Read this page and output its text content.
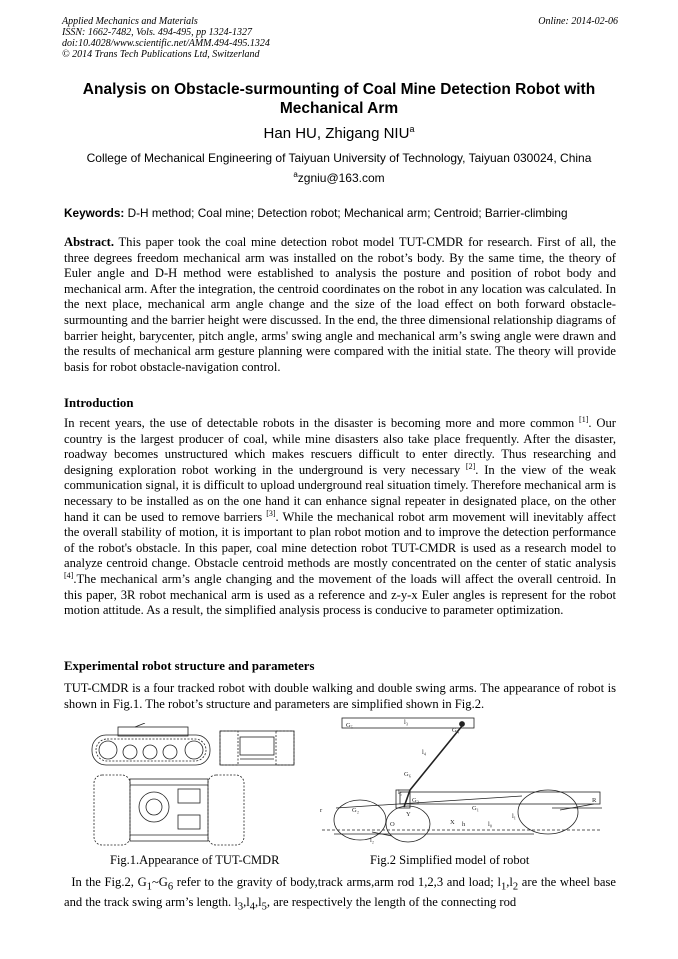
Applied Mechanics and Materials
ISSN: 1662-7482, Vols. 494-495, pp 1324-1327
doi:10.4028/www.scientific.net/AMM.494-495.1324
© 2014 Trans Tech Publications Ltd, Switzerland
Online: 2014-02-06
Analysis on Obstacle-surmounting of Coal Mine Detection Robot with Mechanical Arm
Han HU, Zhigang NIU$^a$
College of Mechanical Engineering of Taiyuan University of Technology, Taiyuan 030024, China
$^a$zgniu@163.com
Keywords: D-H method; Coal mine; Detection robot; Mechanical arm; Centroid; Barrier-climbing
Abstract. This paper took the coal mine detection robot model TUT-CMDR for research. First of all, the three degrees freedom mechanical arm was installed on the robot’s body. By the same time, the theory of Euler angle and D-H method were established to analysis the posture and position of robot body and mechanical arm. After the integration, the centroid coordinates on the robot in any location was calculated. In the next place, mechanical arm angle change and the size of the load effect on both forward obstacle-surmounting and the barrier height were discussed. In the end, the three dimensional relationship diagrams of barrier height, barycenter, pitch angle, arms' swing angle and mechanical arm’s swing angle were drawn and the results of mechanical arm gesture planning were compared with the initial state. The theory will provide basis for robot obstacle-navigation control.
Introduction
In recent years, the use of detectable robots in the disaster is becoming more and more common [1]. Our country is the largest producer of coal, while mine disasters also take place frequently. After the disaster, roadway becomes unstructured which makes rescuers difficult to enter directly. Thus researching and designing exploration robot working in the underground is very necessary [2]. In the view of the weak communication signal, it is difficult to upload underground real situation timely. Therefore mechanical arm is necessary to be installed as on the one hand it can enhance signal repeater in designated place, on the other hand it can be used to remove barriers [3]. While the mechanical robot arm movement will inevitably affect the overall stability of motion, it is important to plan robot motion and to improve the detection performance of the robot's obstacle. In this paper, coal mine detection robot TUT-CMDR is used as a research model to analyze centroid change. Obstacle centroid methods are mostly concentrated on the center of static analysis [4].The mechanical arm’s angle changing and the movement of the loads will affect the overall centroid. In this paper, 3R robot mechanical arm is used as a reference and z-y-x Euler angles is represent for the robot motion attitude. As a result, the simplified analysis process is conducive to parameter optimization.
Experimental robot structure and parameters
TUT-CMDR is a four tracked robot with double walking and double swing arms. The appearance of robot is shown in Fig.1. The robot’s structure and parameters are simplified shown in Fig.2.
G₅	l₃
G₄
l₄
l₅
G₆
G₃
G₂	G₁
l₁
l₂
r
R
h
X
Y
O	l₀
Fig.1.Appearance of TUT-CMDR	Fig.2 Simplified model of robot
In the Fig.2, $G_1\sim G_6$ refer to the gravity of body,track arms,arm rod 1,2,3 and load; $l_1,l_2$ are the wheel base and the track swing arm’s length. $l_3,l_4,l_5$, are respectively the length of the connecting rod
